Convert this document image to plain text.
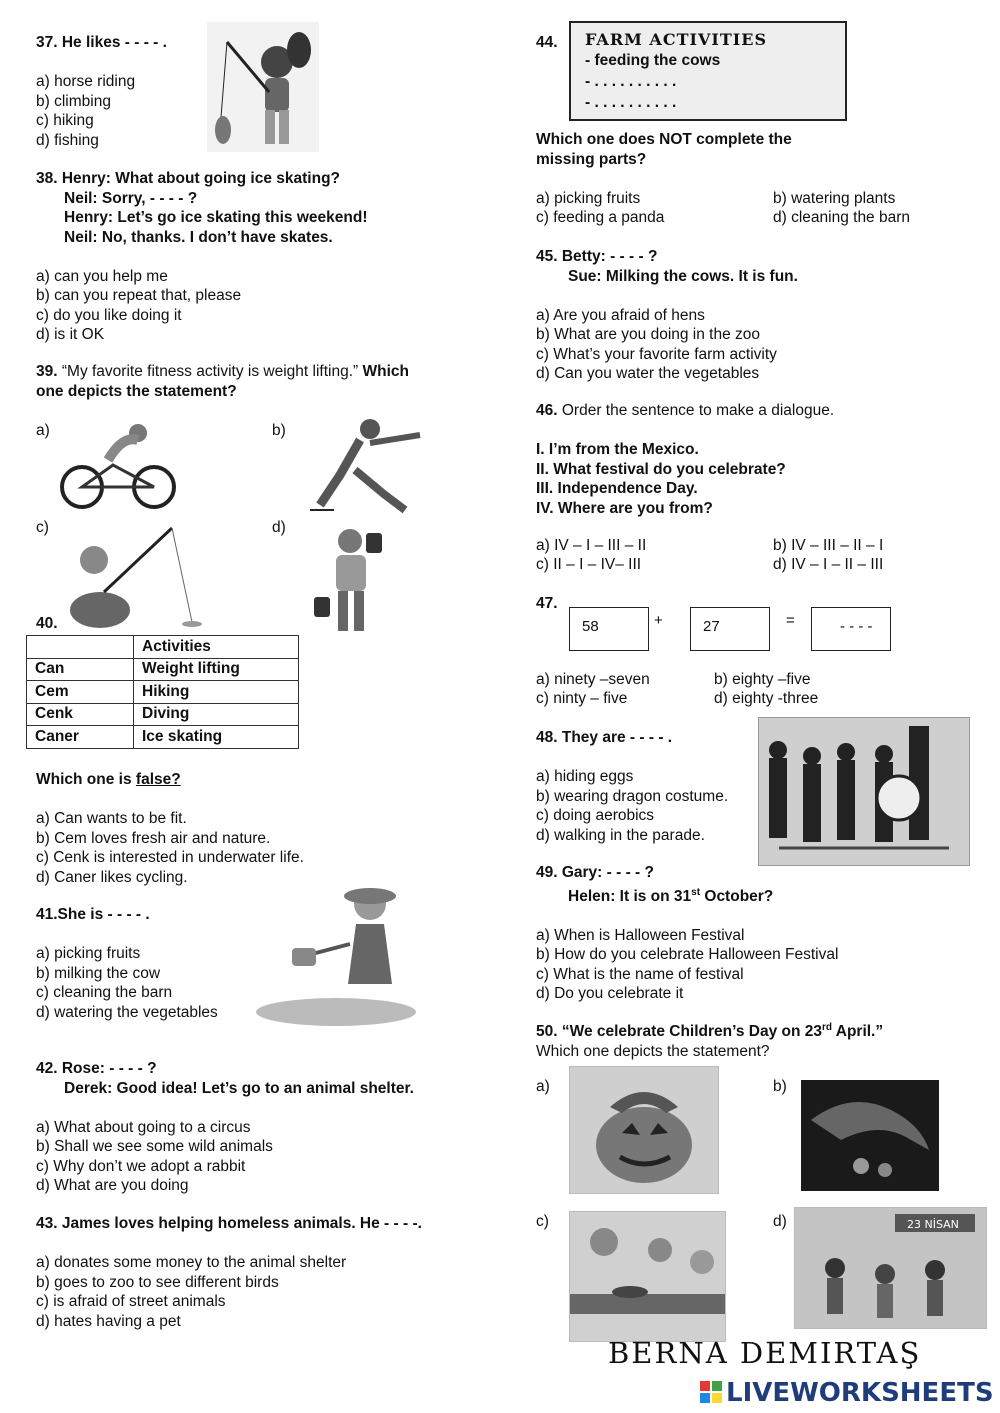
37. He likes - - - - .
a) horse riding
b) climbing
c) hiking
d) fishing
38. Henry: What about going ice skating?
Neil: Sorry, - - - - ?
Henry: Let’s go ice skating this weekend!
Neil: No, thanks. I don’t have skates.
a) can you help me
b) can you repeat that, please
c) do you like doing it
d) is it OK
39. “My favorite fitness activity is weight lifting.” Which
one depicts the statement?
a)	b)
c)	d)
40.
	Activities
Can	Weight lifting
Cem	Hiking
Cenk	Diving
Caner	Ice skating
Which one is false?
a) Can wants to be fit.
b) Cem loves fresh air and nature.
c) Cenk is interested in underwater life.
d) Caner likes cycling.
41.She is - - - - .
a) picking fruits
b) milking the cow
c) cleaning the barn
d) watering the vegetables
42. Rose: - - - - ?
Derek: Good idea! Let’s go to an animal shelter.
a) What about going to a circus
b) Shall we see some wild animals
c) Why don’t we adopt a rabbit
d) What are you doing
43. James loves helping homeless animals. He - - - -.
a) donates some money to the animal shelter
b) goes to zoo to see different birds
c) is afraid of street animals
d) hates having a pet
44. FARM ACTIVITIES
- feeding the cows
- . . . . . . . . . .
- . . . . . . . . . .
Which one does NOT complete the
missing parts?
a) picking fruits	b) watering plants
c) feeding a panda	d) cleaning the barn
45. Betty: - - - - ?
Sue: Milking the cows. It is fun.
a) Are you afraid of hens
b) What are you doing in the zoo
c) What’s your favorite farm activity
d) Can you water the vegetables
46. Order the sentence to make a dialogue.
I. I’m from the Mexico.
II. What festival do you celebrate?
III. Independence Day.
IV. Where are you from?
a) IV – I – III – II	b) IV – III – II – I
c) II – I – IV– III	d) IV – I – II – III
47.
58	+	27	=	- - - -
a) ninety –seven	b) eighty –five
c) ninty – five	d) eighty -three
48. They are - - - - .
a) hiding eggs
b) wearing dragon costume.
c) doing aerobics
d) walking in the parade.
49. Gary: - - - - ?
Helen: It is on 31st October?
a) When is Halloween Festival
b) How do you celebrate Halloween Festival
c) What is the name of festival
d) Do you celebrate it
50. “We celebrate Children’s Day on 23rd April.”
Which one depicts the statement?
a)	b)
c)	d)	23 NİSAN
BERNA DEMIRTAŞ
LIVEWORKSHEETS
